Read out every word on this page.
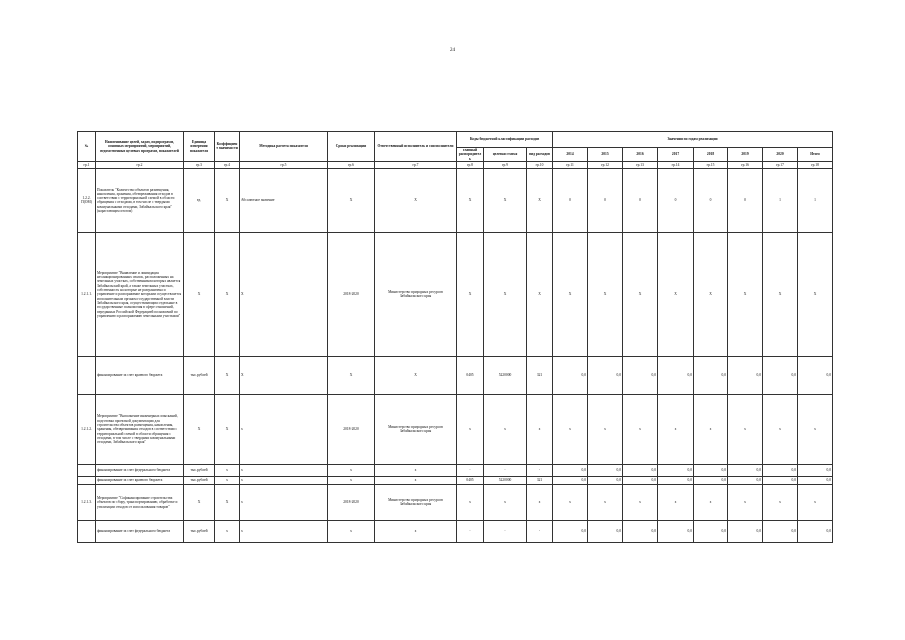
24
№	Наименование целей, задач, подпрограмм, основных мероприятий, мероприятий, ведомственных целевых программ, показателей	Единица измерения показателя	Коэффициент значимости	Методика расчета показателя	Сроки реализации	Ответственный исполнитель и соисполнители	Коды бюджетной классификации расходов			Значения по годам реализации							
							главный распорядитель	целевая статья	вид расходов	2014	2015	2016	2017	2018	2019	2020	Итого
гр.1	гр.2	гр.3	гр.4	гр.5	гр.6	гр.7	гр.8	гр.9	гр.10	гр.11	гр.12	гр.13	гр.14	гр.15	гр.16	гр.17	гр.18
1.2.2. П(ОМ)	Показатель "Количество объектов размещения, накопления, хранения, обезвреживания отходов в соответствии с территориальной схемой в области обращения с отходами, в том числе с твердыми коммунальными отходами, Забайкальского края" (нарастающим итогом)	ед.	Х	Абсолютное значение	Х	Х	Х	Х	Х	0	0	0	0	0	0	1	1
1.2.1.1.	Мероприятие "Выявление и ликвидация несанкционированных свалок, расположенных на земельных участках, собственником которых является Забайкальский край, а также земельных участках, собственность на которые не разграничена и управление и распоряжение которыми осуществляется исполнительным органом государственной власти Забайкальского края, осуществляющим отдельные в государственные полномочия в сфере отношений, переданных Российской Федерацией полномочий по управлению и распоряжению земельными участками"	Х	Х	Х	2018-2020	Министерство природных ресурсов Забайкальского края	Х	Х	Х	Х	Х	Х	Х	Х	Х	Х	Х
	финансирование за счет краевого бюджета	тыс.рублей	Х	Х	Х	Х	0405	5220000	321	0,0	0,0	0,0	0,0	0,0	0,0	0,0	0,0
1.2.1.2.	Мероприятие "Выполнение инженерных изысканий, подготовка проектной документации для строительства объектов размещения, накопления, хранения, обезвреживания отходов в соответствии с территориальной схемой в области обращения с отходами, в том числе с твердыми коммунальными отходами, Забайкальского края"	Х	Х	х	2018-2020	Министерство природных ресурсов Забайкальского края	х	х	х	х	х	х	х	х	х	х	х
	финансирование за счет федерального бюджета	тыс.рублей	х	х	х	х	-	-	-	0,0	0,0	0,0	0,0	0,0	0,0	0,0	0,0
	финансирование за счет краевого бюджета	тыс.рублей	х	х	х	х	0405	5220000	321	0,0	0,0	0,0	0,0	0,0	0,0	0,0	0,0
1.2.1.3.	Мероприятие "Софинансирование строительства объектов по сбору, транспортированию, обработке и утилизации отходов от использования товаров"	Х	Х	х	2018-2020	Министерство природных ресурсов Забайкальского края	х	х	х	х	х	х	х	х	х	х	х
	финансирование за счет федерального бюджета	тыс.рублей	х	х	х	х	-	-	-	0,0	0,0	0,0	0,0	0,0	0,0	0,0	0,0
